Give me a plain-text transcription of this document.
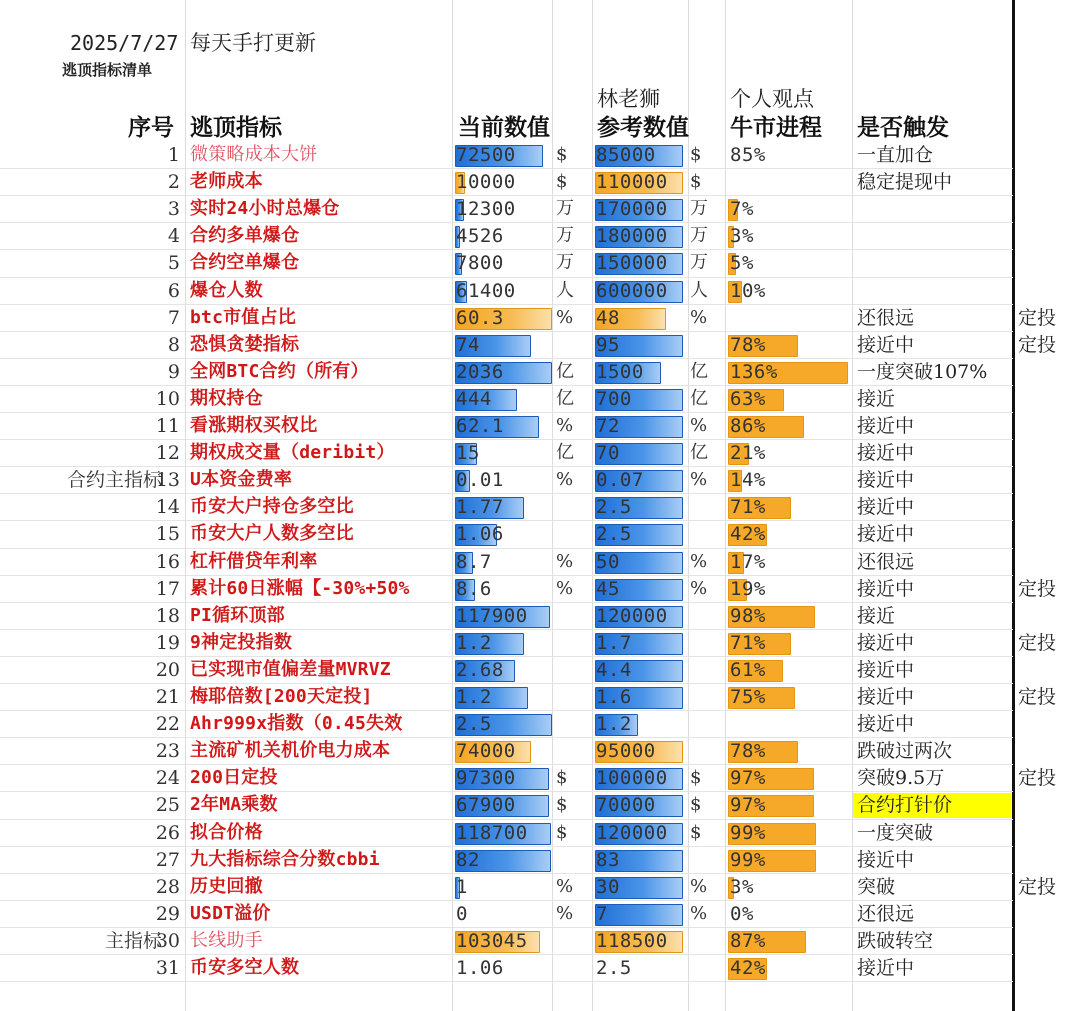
2025/7/27 每天手打更新
逃顶指标清单
林老狮	个人观点
序号 逃顶指标	当前数值 参考数值 牛市进程 是否触发
1 微策略成本大饼	72500 $ 85000 $ 85%	一直加仓
2 老师成本	10000 $ 110000 $	稳定提现中
3 实时24小时总爆仓	12300 万 170000 万 7%
4 合约多单爆仓	4526	万 180000 万 3%
5 合约空单爆仓	7800	万 150000 万 5%
6 爆仓人数	61400 人 600000 人 10%
7 btc市值占比	60.3	% 48	%	还很远	定投
8 恐惧贪婪指标	74	95	78%	接近中	定投
9 全网BTC合约（所有）	2036	亿 1500	亿 136%	一度突破107%
10 期权持仓	444	亿 700	亿 63%	接近
11 看涨期权买权比	62.1	% 72	% 86%	接近中
12 期权成交量（deribit）	15	亿 70	亿 21%	接近中
合约主指标
13 U本资金费率	0.01	% 0.07	% 14%	接近中
14 币安大户持仓多空比	1.77	2.5	71%	接近中
15 币安大户人数多空比	1.06	2.5	42%	接近中
16 杠杆借贷年利率	8.7	% 50	% 17%	还很远
17 累计60日涨幅【-30%+50% 8.6	% 45	% 19%	接近中	定投
18 PI循环顶部	117900	120000	98%	接近
19 9神定投指数	1.2	1.7	71%	接近中	定投
20 已实现市值偏差量MVRVZ	2.68	4.4	61%	接近中
21 梅耶倍数[200天定投]	1.2	1.6	75%	接近中	定投
22 Ahr999x指数（0.45失效	2.5	1.2	接近中
23 主流矿机关机价电力成本	74000	95000	78%	跌破过两次
24 200日定投	97300 $ 100000 $ 97%	突破9.5万	定投
25 2年MA乘数	67900 $ 70000 $ 97%	合约打针价
26 拟合价格	118700 $ 120000 $ 99%	一度突破
27 九大指标综合分数cbbi	82	83	99%	接近中
28 历史回撤	1	% 30	% 3%	突破	定投
29 USDT溢价	0	% 7	% 0%	还很远
主指标
30 长线助手	103045	118500	87%	跌破转空
31 币安多空人数	1.06	2.5	42%	接近中
